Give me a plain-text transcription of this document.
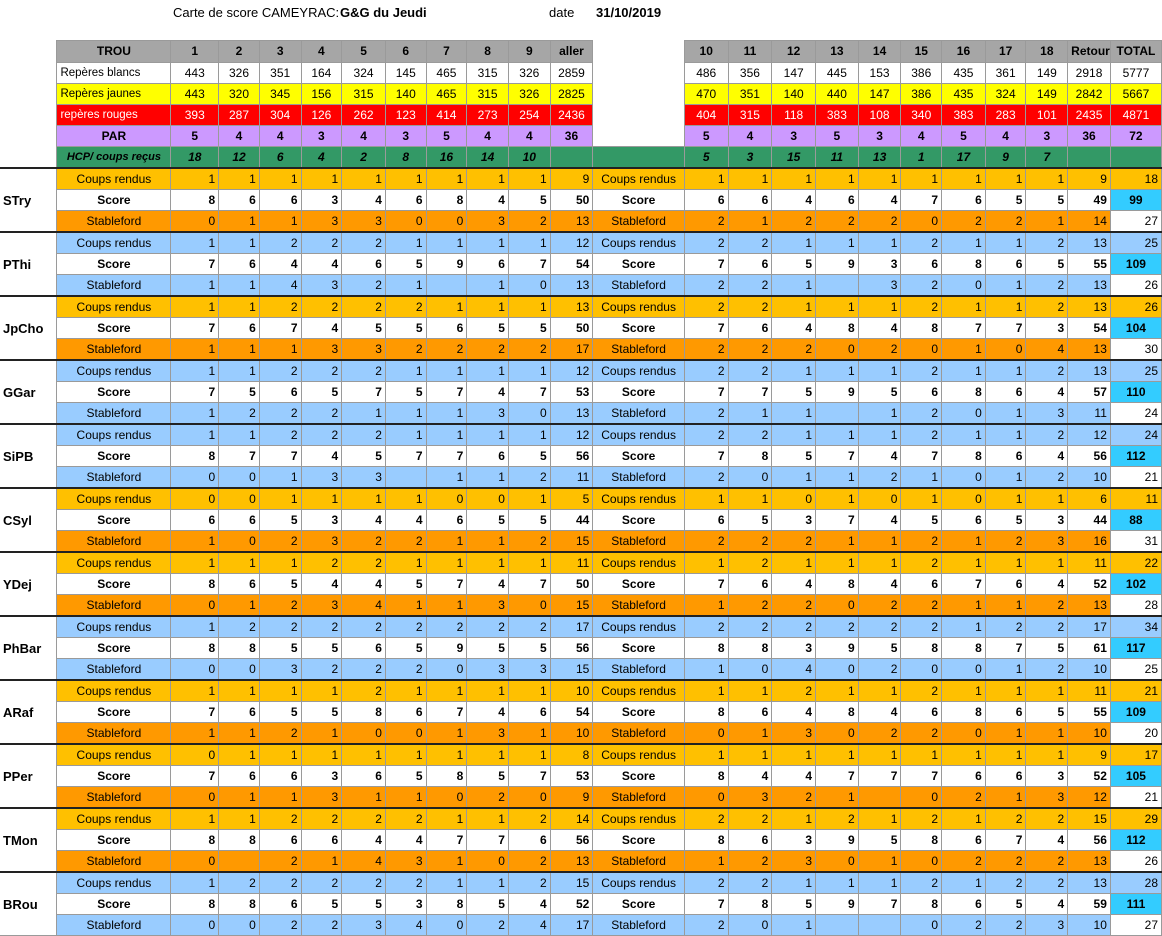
Carte de score CAMEYRAC: G&G du Jeudi	date 31/10/2019
	TROU	1	2	3	4	5	6	7	8	9	aller		10	11	12	13	14	15	16	17	18	Retour	TOTAL
	Repères blancs	443	326	351	164	324	145	465	315	326	2859		486	356	147	445	153	386	435	361	149	2918	5777
	Repères jaunes	443	320	345	156	315	140	465	315	326	2825		470	351	140	440	147	386	435	324	149	2842	5667
	repères rouges	393	287	304	126	262	123	414	273	254	2436		404	315	118	383	108	340	383	283	101	2435	4871
	PAR	5	4	4	3	4	3	5	4	4	36		5	4	3	5	3	4	5	4	3	36	72
	HCP/ coups reçus	18	12	6	4	2	8	16	14	10			5	3	15	11	13	1	17	9	7		
STry	Coups rendus	1	1	1	1	1	1	1	1	1	9	Coups rendus	1	1	1	1	1	1	1	1	1	9	18
	Score	8	6	6	3	4	6	8	4	5	50	Score	6	6	4	6	4	7	6	5	5	49	99
	Stableford	0	1	1	3	3	0	0	3	2	13	Stableford	2	1	2	2	2	0	2	2	1	14	27
PThi	Coups rendus	1	1	2	2	2	1	1	1	1	12	Coups rendus	2	2	1	1	1	2	1	1	2	13	25
	Score	7	6	4	4	6	5	9	6	7	54	Score	7	6	5	9	3	6	8	6	5	55	109
	Stableford	1	1	4	3	2	1		1	0	13	Stableford	2	2	1		3	2	0	1	2	13	26
JpCho	Coups rendus	1	1	2	2	2	2	1	1	1	13	Coups rendus	2	2	1	1	1	2	1	1	2	13	26
	Score	7	6	7	4	5	5	6	5	5	50	Score	7	6	4	8	4	8	7	7	3	54	104
	Stableford	1	1	1	3	3	2	2	2	2	17	Stableford	2	2	2	0	2	0	1	0	4	13	30
GGar	Coups rendus	1	1	2	2	2	1	1	1	1	12	Coups rendus	2	2	1	1	1	2	1	1	2	13	25
	Score	7	5	6	5	7	5	7	4	7	53	Score	7	7	5	9	5	6	8	6	4	57	110
	Stableford	1	2	2	2	1	1	1	3	0	13	Stableford	2	1	1		1	2	0	1	3	11	24
SiPB	Coups rendus	1	1	2	2	2	1	1	1	1	12	Coups rendus	2	2	1	1	1	2	1	1	2	12	24
	Score	8	7	7	4	5	7	7	6	5	56	Score	7	8	5	7	4	7	8	6	4	56	112
	Stableford	0	0	1	3	3		1	1	2	11	Stableford	2	0	1	1	2	1	0	1	2	10	21
CSyl	Coups rendus	0	0	1	1	1	1	0	0	1	5	Coups rendus	1	1	0	1	0	1	0	1	1	6	11
	Score	6	6	5	3	4	4	6	5	5	44	Score	6	5	3	7	4	5	6	5	3	44	88
	Stableford	1	0	2	3	2	2	1	1	2	15	Stableford	2	2	2	1	1	2	1	2	3	16	31
YDej	Coups rendus	1	1	1	2	2	1	1	1	1	11	Coups rendus	1	2	1	1	1	2	1	1	1	11	22
	Score	8	6	5	4	4	5	7	4	7	50	Score	7	6	4	8	4	6	7	6	4	52	102
	Stableford	0	1	2	3	4	1	1	3	0	15	Stableford	1	2	2	0	2	2	1	1	2	13	28
PhBar	Coups rendus	1	2	2	2	2	2	2	2	2	17	Coups rendus	2	2	2	2	2	2	1	2	2	17	34
	Score	8	8	5	5	6	5	9	5	5	56	Score	8	8	3	9	5	8	8	7	5	61	117
	Stableford	0	0	3	2	2	2	0	3	3	15	Stableford	1	0	4	0	2	0	0	1	2	10	25
ARaf	Coups rendus	1	1	1	1	2	1	1	1	1	10	Coups rendus	1	1	2	1	1	2	1	1	1	11	21
	Score	7	6	5	5	8	6	7	4	6	54	Score	8	6	4	8	4	6	8	6	5	55	109
	Stableford	1	1	2	1	0	0	1	3	1	10	Stableford	0	1	3	0	2	2	0	1	1	10	20
PPer	Coups rendus	0	1	1	1	1	1	1	1	1	8	Coups rendus	1	1	1	1	1	1	1	1	1	9	17
	Score	7	6	6	3	6	5	8	5	7	53	Score	8	4	4	7	7	7	6	6	3	52	105
	Stableford	0	1	1	3	1	1	0	2	0	9	Stableford	0	3	2	1		0	2	1	3	12	21
TMon	Coups rendus	1	1	2	2	2	2	1	1	2	14	Coups rendus	2	2	1	2	1	2	1	2	2	15	29
	Score	8	8	6	6	4	4	7	7	6	56	Score	8	6	3	9	5	8	6	7	4	56	112
	Stableford	0		2	1	4	3	1	0	2	13	Stableford	1	2	3	0	1	0	2	2	2	13	26
BRou	Coups rendus	1	2	2	2	2	2	1	1	2	15	Coups rendus	2	2	1	1	1	2	1	2	2	13	28
	Score	8	8	6	5	5	3	8	5	4	52	Score	7	8	5	9	7	8	6	5	4	59	111
	Stableford	0	0	2	2	3	4	0	2	4	17	Stableford	2	0	1			0	2	2	3	10	27
